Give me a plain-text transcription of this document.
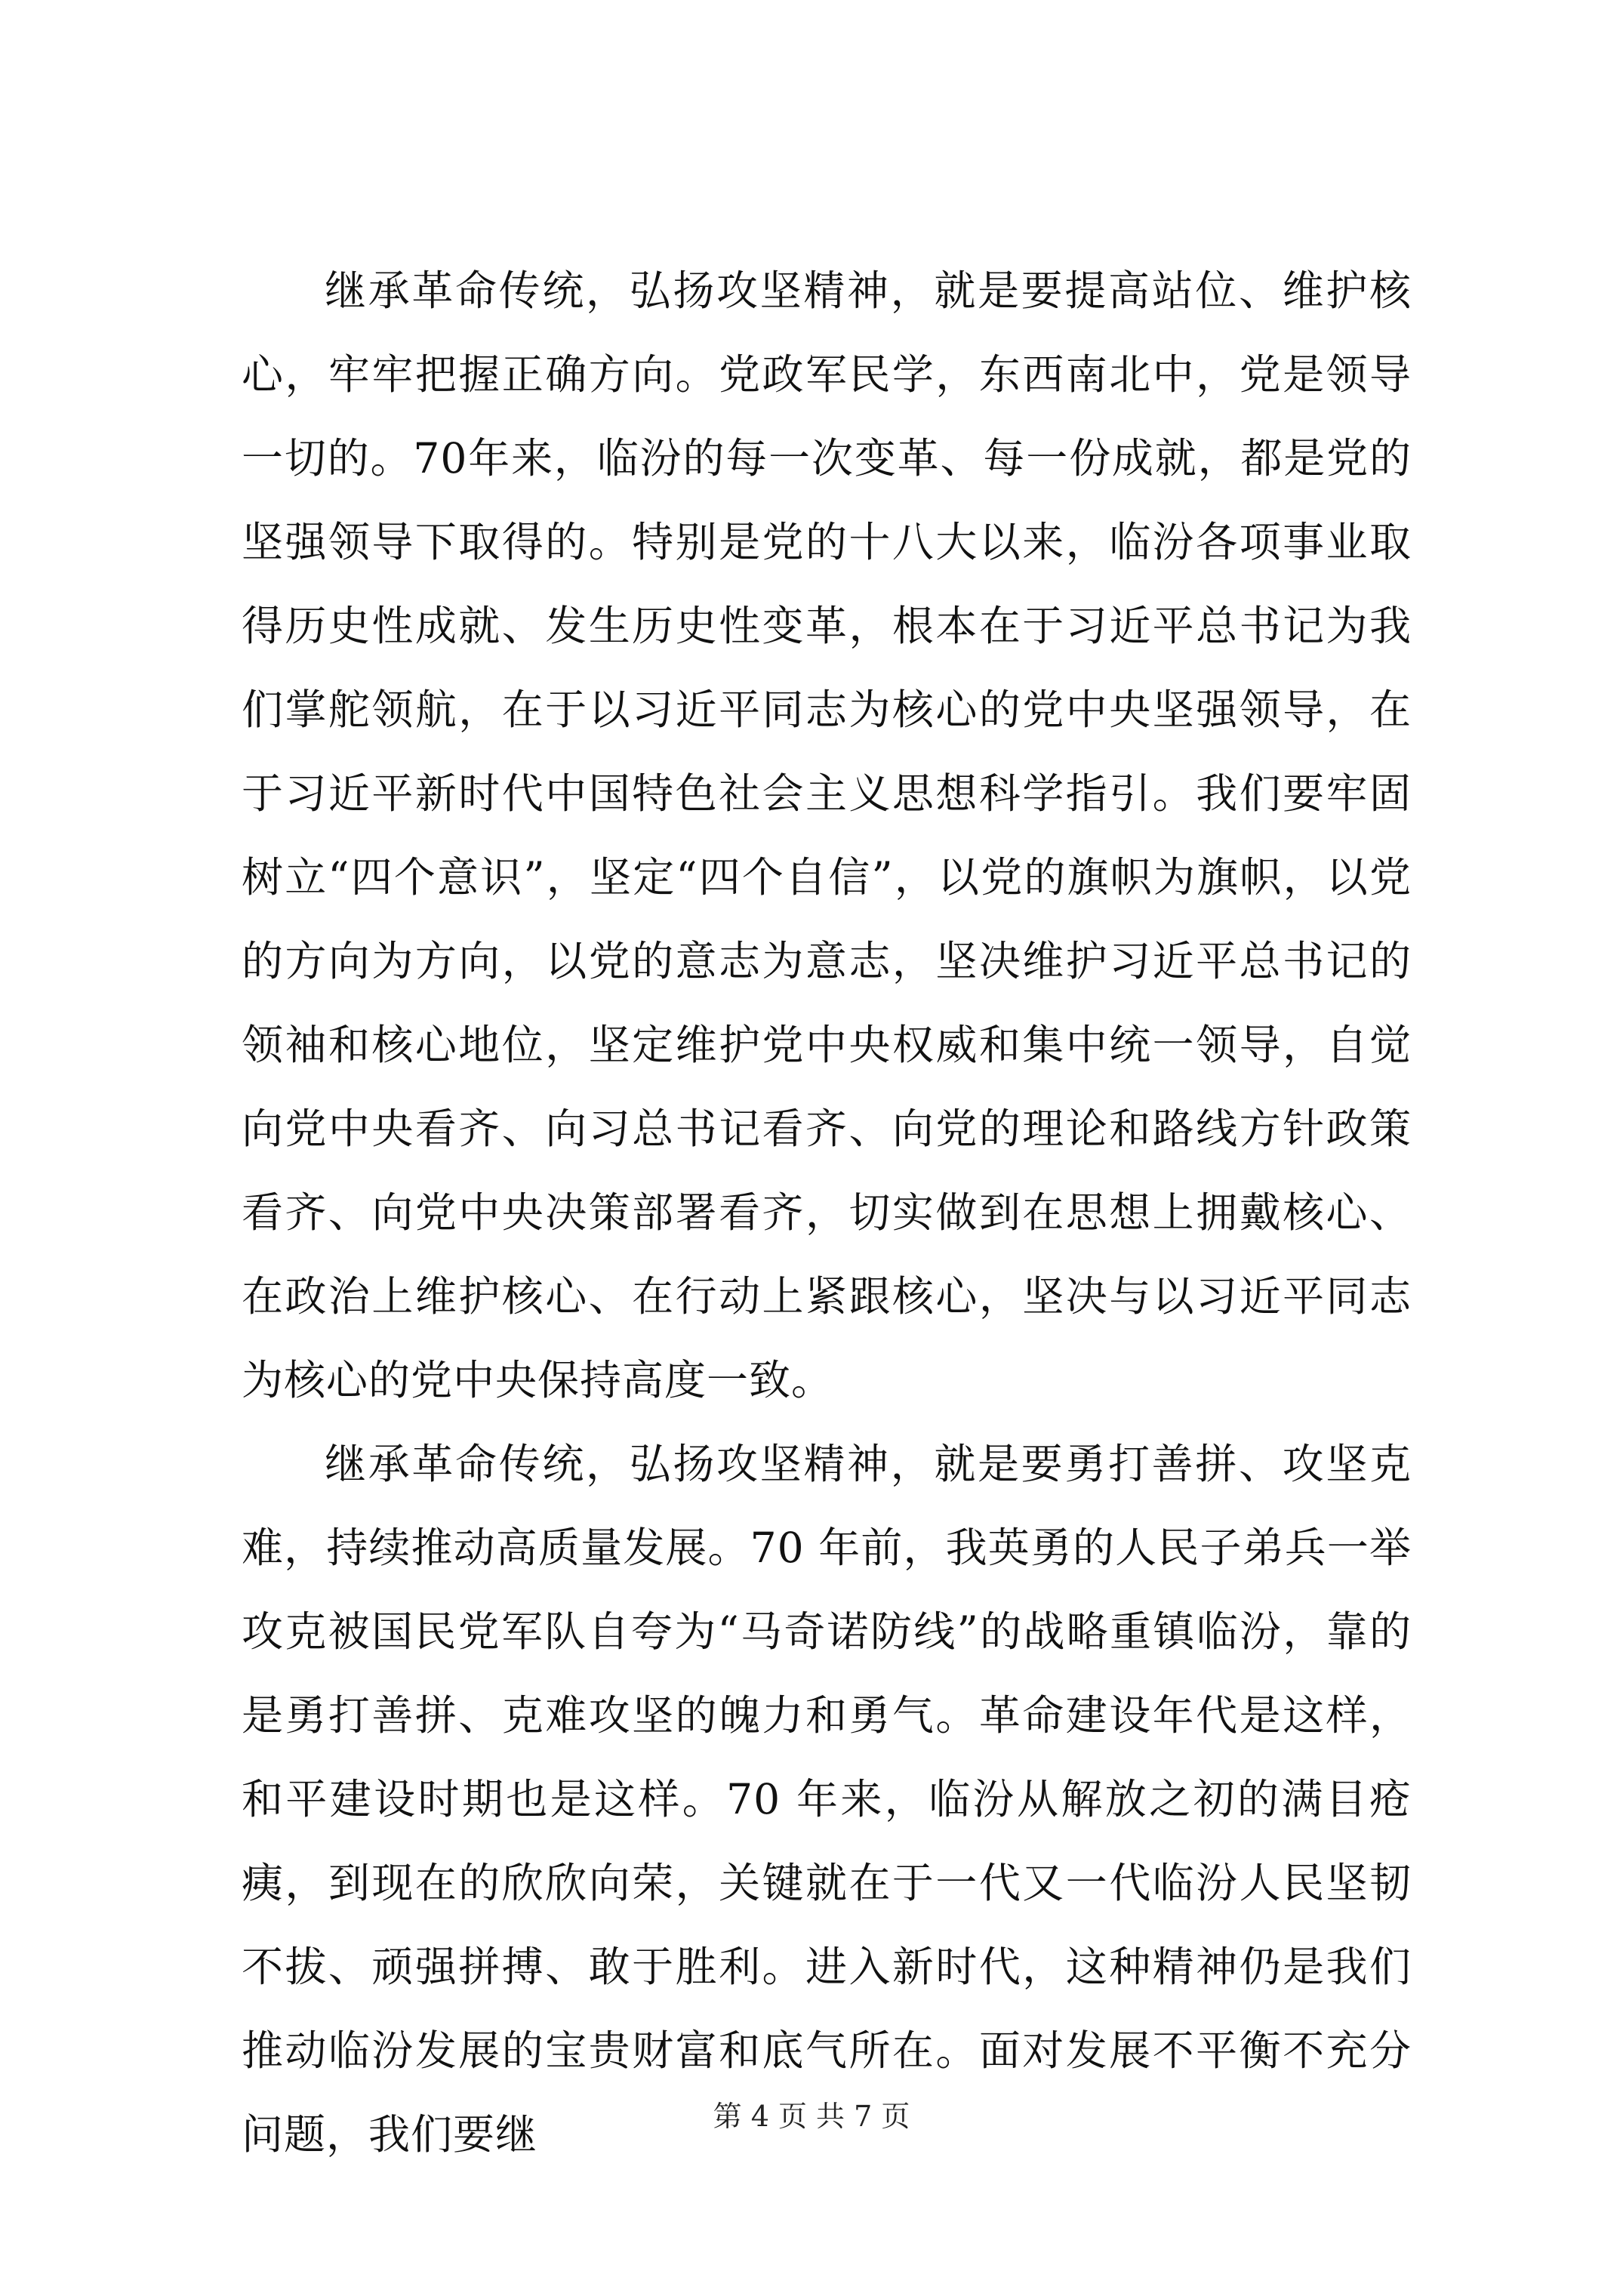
继承革命传统，弘扬攻坚精神，就是要提高站位、维护核心，牢牢把握正确方向。党政军民学，东西南北中，党是领导一切的。70年来，临汾的每一次变革、每一份成就，都是党的坚强领导下取得的。特别是党的十八大以来，临汾各项事业取得历史性成就、发生历史性变革，根本在于习近平总书记为我们掌舵领航，在于以习近平同志为核心的党中央坚强领导，在于习近平新时代中国特色社会主义思想科学指引。我们要牢固树立“四个意识”，坚定“四个自信”，以党的旗帜为旗帜，以党的方向为方向，以党的意志为意志，坚决维护习近平总书记的领袖和核心地位，坚定维护党中央权威和集中统一领导，自觉向党中央看齐、向习总书记看齐、向党的理论和路线方针政策看齐、向党中央决策部署看齐，切实做到在思想上拥戴核心、在政治上维护核心、在行动上紧跟核心，坚决与以习近平同志为核心的党中央保持高度一致。

继承革命传统，弘扬攻坚精神，就是要勇打善拼、攻坚克难，持续推动高质量发展。70 年前，我英勇的人民子弟兵一举攻克被国民党军队自夸为“马奇诺防线”的战略重镇临汾，靠的是勇打善拼、克难攻坚的魄力和勇气。革命建设年代是这样，和平建设时期也是这样。70 年来，临汾从解放之初的满目疮痍，到现在的欣欣向荣，关键就在于一代又一代临汾人民坚韧不拔、顽强拼搏、敢于胜利。进入新时代，这种精神仍是我们推动临汾发展的宝贵财富和底气所在。面对发展不平衡不充分问题，我们要继	第 4 页 共 7 页
